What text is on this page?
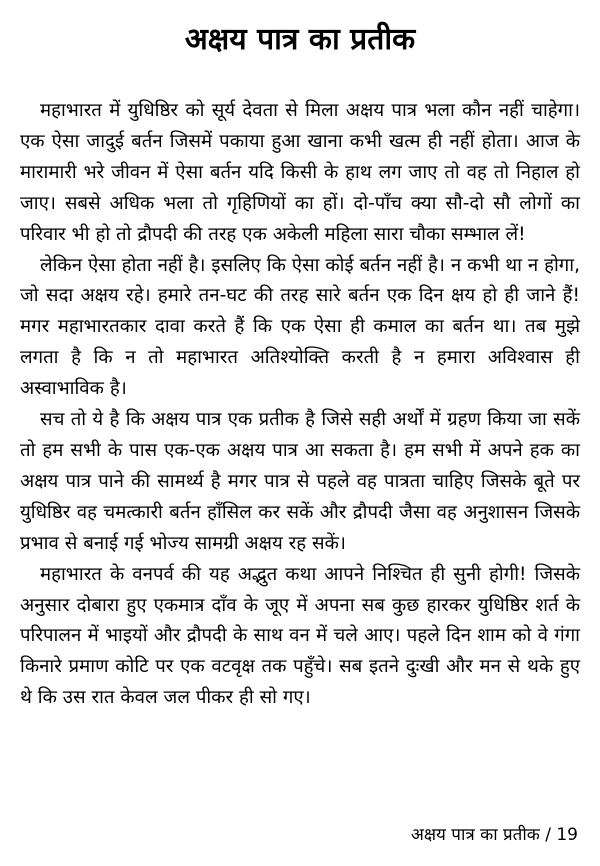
अक्षय पात्र का प्रतीक

महाभारत में युधिष्ठिर को सूर्य देवता से मिला अक्षय पात्र भला कौन नहीं चाहेगा। एक ऐसा जादुई बर्तन जिसमें पकाया हुआ खाना कभी खत्म ही नहीं होता। आज के मारामारी भरे जीवन में ऐसा बर्तन यदि किसी के हाथ लग जाए तो वह तो निहाल हो जाए। सबसे अधिक भला तो गृहिणियों का हों। दो-पाँच क्या सौ-दो सौ लोगों का परिवार भी हो तो द्रौपदी की तरह एक अकेली महिला सारा चौका सम्भाल लें!

लेकिन ऐसा होता नहीं है। इसलिए कि ऐसा कोई बर्तन नहीं है। न कभी था न होगा, जो सदा अक्षय रहे। हमारे तन-घट की तरह सारे बर्तन एक दिन क्षय हो ही जाने हैं! मगर महाभारतकार दावा करते हैं कि एक ऐसा ही कमाल का बर्तन था। तब मुझे लगता है कि न तो महाभारत अतिश्योक्ति करती है न हमारा अविश्वास ही अस्वाभाविक है।

सच तो ये है कि अक्षय पात्र एक प्रतीक है जिसे सही अर्थों में ग्रहण किया जा सकें तो हम सभी के पास एक-एक अक्षय पात्र आ सकता है। हम सभी में अपने हक का अक्षय पात्र पाने की सामर्थ्य है मगर पात्र से पहले वह पात्रता चाहिए जिसके बूते पर युधिष्ठिर वह चमत्कारी बर्तन हाँसिल कर सकें और द्रौपदी जैसा वह अनुशासन जिसके प्रभाव से बनाई गई भोज्य सामग्री अक्षय रह सकें।

महाभारत के वनपर्व की यह अद्भुत कथा आपने निश्चित ही सुनी होगी! जिसके अनुसार दोबारा हुए एकमात्र दाँव के जूए में अपना सब कुछ हारकर युधिष्ठिर शर्त के परिपालन में भाइयों और द्रौपदी के साथ वन में चले आए। पहले दिन शाम को वे गंगा किनारे प्रमाण कोटि पर एक वटवृक्ष तक पहुँचे। सब इतने दुःखी और मन से थके हुए थे कि उस रात केवल जल पीकर ही सो गए।

अक्षय पात्र का प्रतीक / 19
